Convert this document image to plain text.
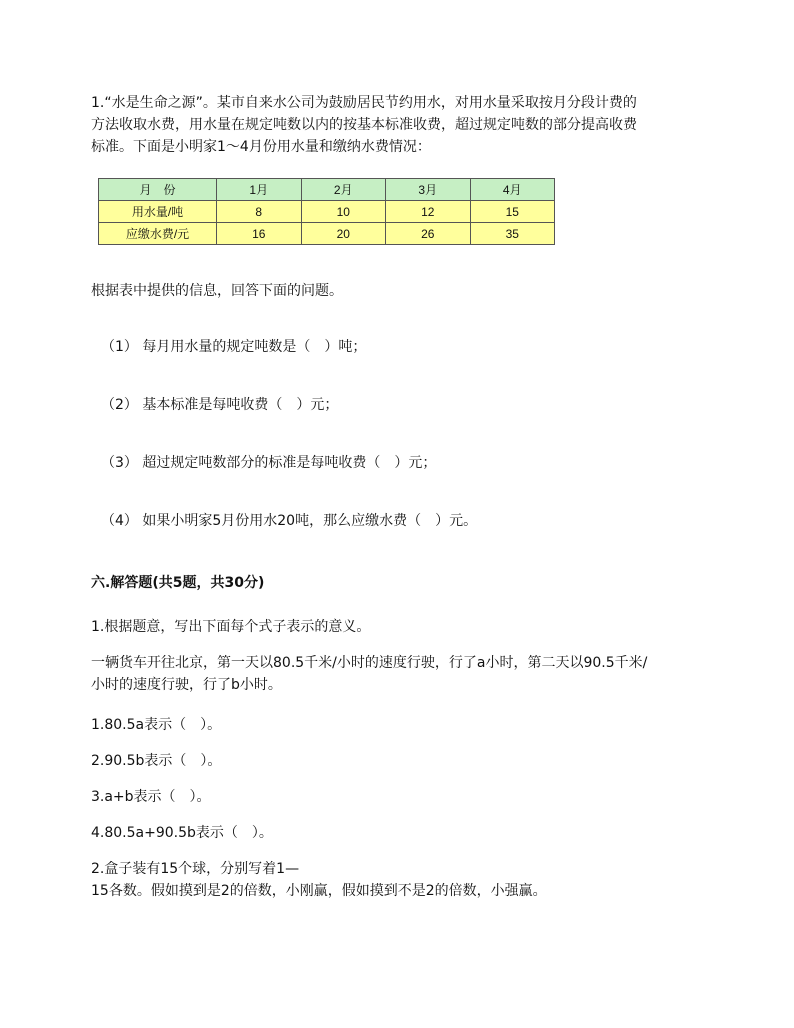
1.“水是生命之源”。某市自来水公司为鼓励居民节约用水，对用水量采取按月分段计费的

方法收取水费，用水量在规定吨数以内的按基本标准收费，超过规定吨数的部分提高收费

标准。下面是小明家1～4月份用水量和缴纳水费情况：

月　份	1月	2月	3月	4月
用水量/吨	8	10	12	15
应缴水费/元	16	20	26	35
根据表中提供的信息，回答下面的问题。
（1） 每月用水量的规定吨数是（　）吨；
（2） 基本标准是每吨收费（　）元；
（3） 超过规定吨数部分的标准是每吨收费（　）元；
（4） 如果小明家5月份用水20吨，那么应缴水费（　）元。
六.解答题(共5题，共30分)
1.根据题意，写出下面每个式子表示的意义。

一辆货车开往北京，第一天以80.5千米/小时的速度行驶，行了a小时，第二天以90.5千米/

小时的速度行驶，行了b小时。

1.80.5a表示（　）。
2.90.5b表示（　）。
3.a+b表示（　）。
4.80.5a+90.5b表示（　）。

2.盒子装有15个球，分别写着1—

15各数。假如摸到是2的倍数，小刚赢，假如摸到不是2的倍数，小强赢。
